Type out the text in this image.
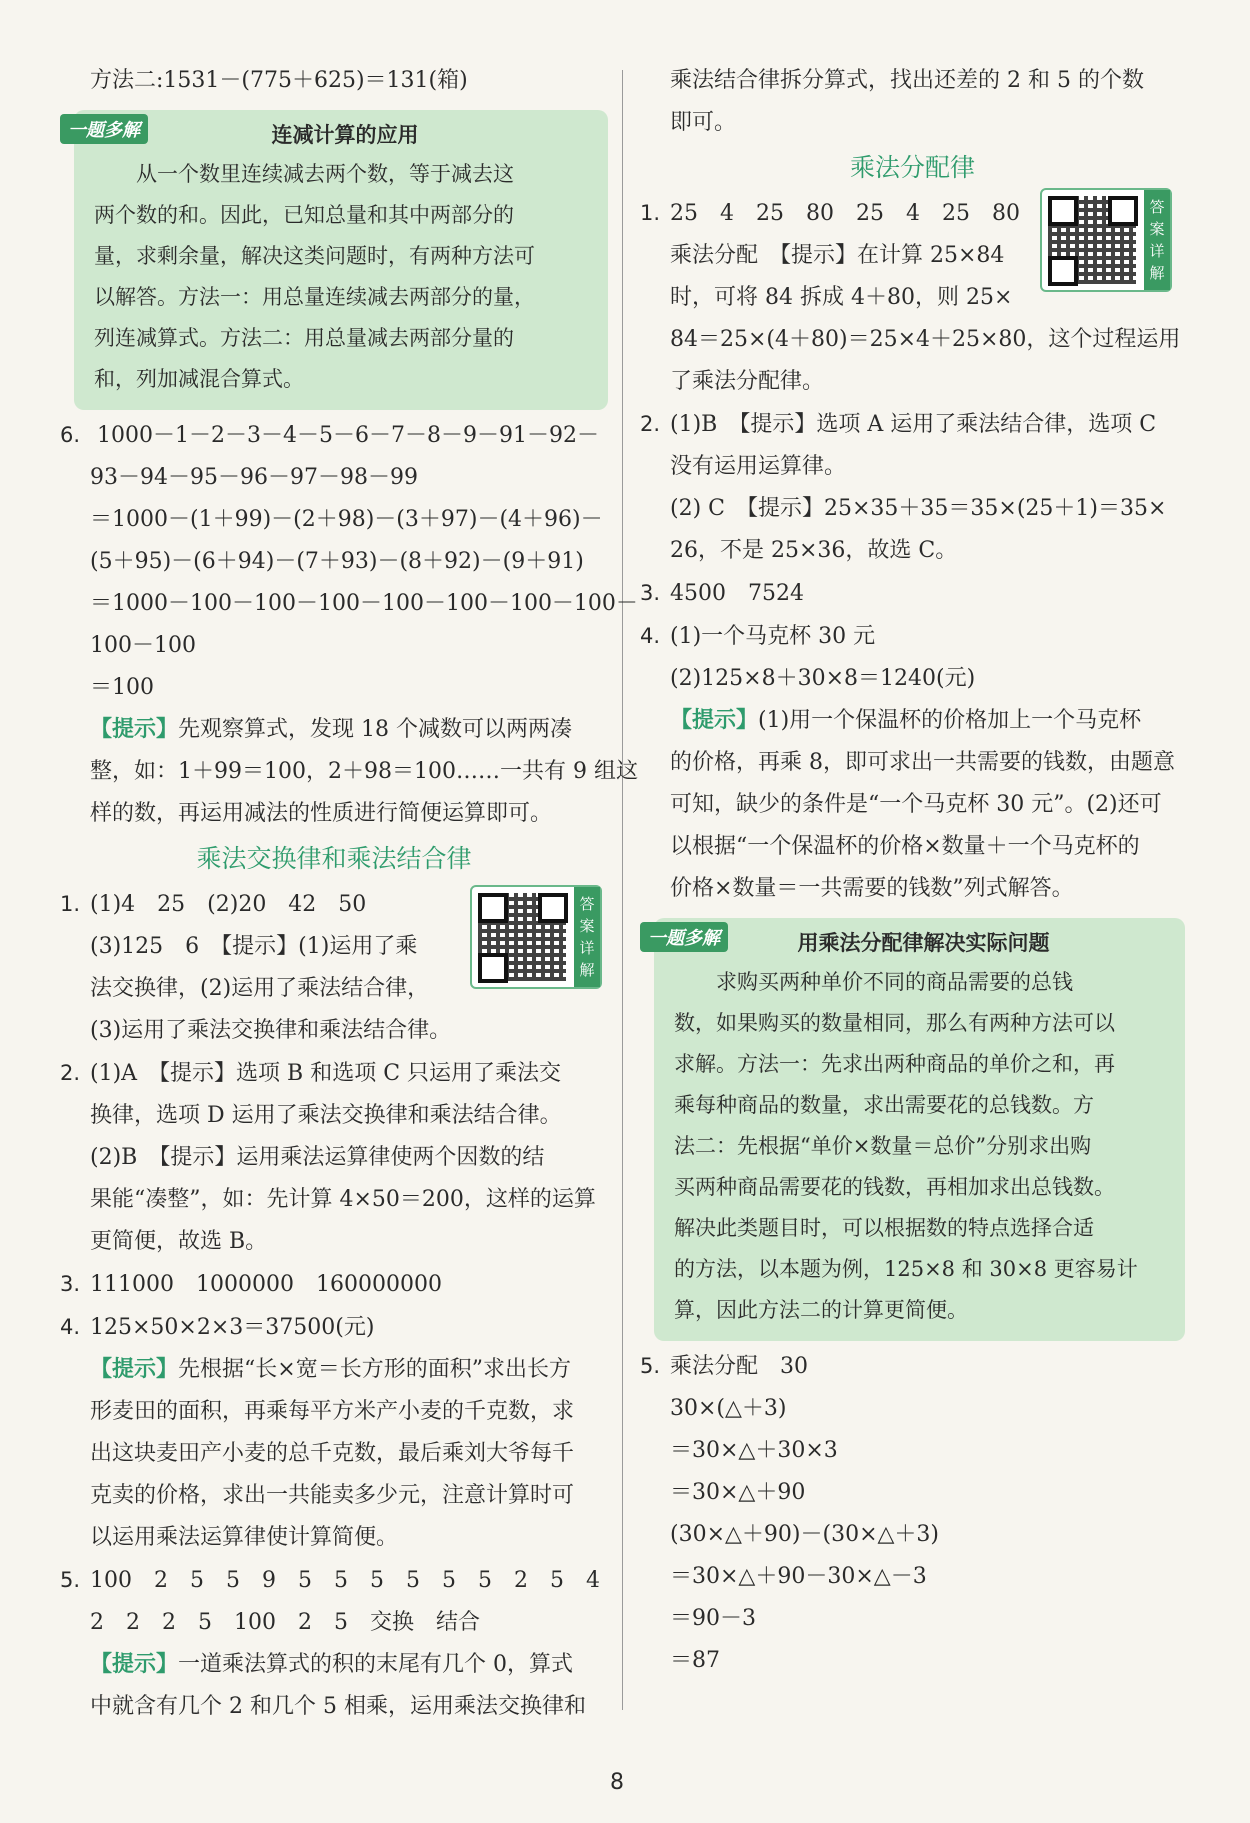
方法二:1531－(775＋625)＝131(箱)

一题多解	连减计算的应用

　　从一个数里连续减去两个数，等于减去这

两个数的和。因此，已知总量和其中两部分的

量，求剩余量，解决这类问题时，有两种方法可

以解答。方法一：用总量连续减去两部分的量，

列连减算式。方法二：用总量减去两部分量的

和，列加减混合算式。

6. 1000－1－2－3－4－5－6－7－8－9－91－92－

93－94－95－96－97－98－99

＝1000－(1＋99)－(2＋98)－(3＋97)－(4＋96)－

(5＋95)－(6＋94)－(7＋93)－(8＋92)－(9＋91)

＝1000－100－100－100－100－100－100－100－

100－100

＝100

【提示】先观察算式，发现 18 个减数可以两两凑

整，如：1＋99＝100，2＋98＝100……一共有 9 组这

样的数，再运用减法的性质进行简便运算即可。

乘法交换律和乘法结合律

1. (1)4　25　(2)20　42　50

(3)125　6　【提示】(1)运用了乘

法交换律，(2)运用了乘法结合律，

(3)运用了乘法交换律和乘法结合律。

答案详解

2. (1)A　【提示】选项 B 和选项 C 只运用了乘法交

换律，选项 D 运用了乘法交换律和乘法结合律。

(2)B　【提示】运用乘法运算律使两个因数的结

果能“凑整”，如：先计算 4×50＝200，这样的运算

更简便，故选 B。

3. 111000　1000000　160000000

4. 125×50×2×3＝37500(元)

【提示】先根据“长×宽＝长方形的面积”求出长方

形麦田的面积，再乘每平方米产小麦的千克数，求

出这块麦田产小麦的总千克数，最后乘刘大爷每千

克卖的价格，求出一共能卖多少元，注意计算时可

以运用乘法运算律使计算简便。

5. 100　2　5　5　9　5　5　5　5　5　5　2　5　4

2　2　2　5　100　2　5　交换　结合

【提示】一道乘法算式的积的末尾有几个 0，算式

中就含有几个 2 和几个 5 相乘，运用乘法交换律和

乘法结合律拆分算式，找出还差的 2 和 5 的个数

即可。

乘法分配律

1. 25　4　25　80　25　4　25　80

乘法分配　【提示】在计算 25×84

时，可将 84 拆成 4＋80，则 25×

84＝25×(4＋80)＝25×4＋25×80，这个过程运用

了乘法分配律。

答案详解

2. (1)B　【提示】选项 A 运用了乘法结合律，选项 C

没有运用运算律。

(2) C　【提示】25×35＋35＝35×(25＋1)＝35×

26，不是 25×36，故选 C。

3. 4500　7524

4. (1)一个马克杯 30 元

(2)125×8＋30×8＝1240(元)

【提示】(1)用一个保温杯的价格加上一个马克杯

的价格，再乘 8，即可求出一共需要的钱数，由题意

可知，缺少的条件是“一个马克杯 30 元”。(2)还可

以根据“一个保温杯的价格×数量＋一个马克杯的

价格×数量＝一共需要的钱数”列式解答。

一题多解	用乘法分配律解决实际问题

　　求购买两种单价不同的商品需要的总钱

数，如果购买的数量相同，那么有两种方法可以

求解。方法一：先求出两种商品的单价之和，再

乘每种商品的数量，求出需要花的总钱数。方

法二：先根据“单价×数量＝总价”分别求出购

买两种商品需要花的钱数，再相加求出总钱数。

解决此类题目时，可以根据数的特点选择合适

的方法，以本题为例，125×8 和 30×8 更容易计

算，因此方法二的计算更简便。

5. 乘法分配　30

30×(△＋3)

＝30×△＋30×3

＝30×△＋90

(30×△＋90)－(30×△＋3)

＝30×△＋90－30×△－3

＝90－3

＝87

8
